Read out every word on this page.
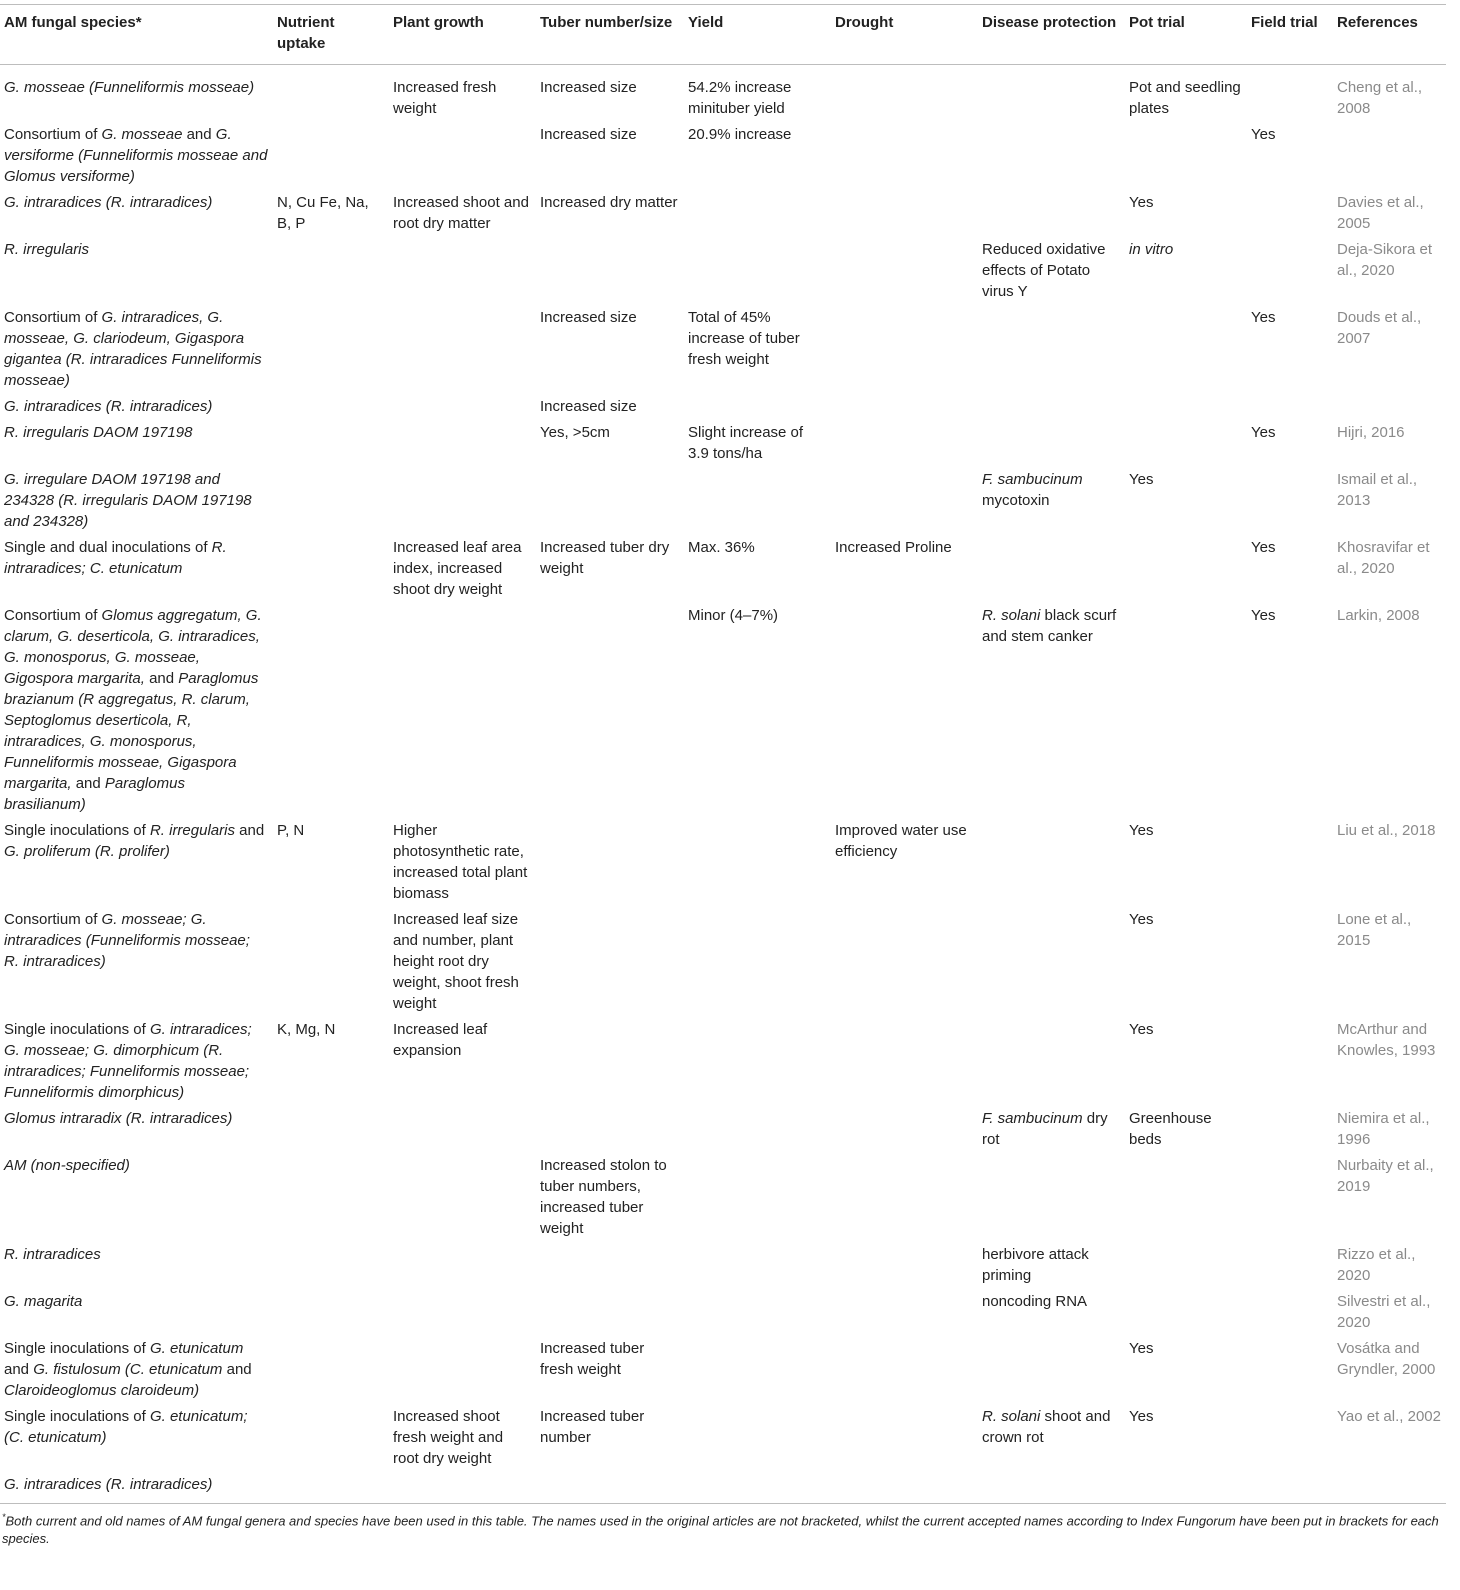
AM fungal species*	Nutrient uptake	Plant growth	Tuber number/size	Yield	Drought	Disease protection	Pot trial	Field trial	References
G. mosseae (Funneliformis mosseae)		Increased fresh weight	Increased size	54.2% increase minituber yield			Pot and seedling plates		Cheng et al., 2008
Consortium of G. mosseae and G. versiforme (Funneliformis mosseae and Glomus versiforme)			Increased size	20.9% increase				Yes	
G. intraradices (R. intraradices)	N, Cu Fe, Na, B, P	Increased shoot and root dry matter	Increased dry matter				Yes		Davies et al., 2005
R. irregularis						Reduced oxidative effects of Potato virus Y	in vitro		Deja-Sikora et al., 2020
Consortium of G. intraradices, G. mosseae, G. clariodeum, Gigaspora gigantea (R. intraradices Funneliformis mosseae)			Increased size	Total of 45% increase of tuber fresh weight				Yes	Douds et al., 2007
G. intraradices (R. intraradices)			Increased size						
R. irregularis DAOM 197198			Yes, >5cm	Slight increase of 3.9 tons/ha				Yes	Hijri, 2016
G. irregulare DAOM 197198 and 234328 (R. irregularis DAOM 197198 and 234328)						F. sambucinum mycotoxin	Yes		Ismail et al., 2013
Single and dual inoculations of R. intraradices; C. etunicatum		Increased leaf area index, increased shoot dry weight	Increased tuber dry weight	Max. 36%	Increased Proline			Yes	Khosravifar et al., 2020
Consortium of Glomus aggregatum, G. clarum, G. deserticola, G. intraradices, G. monosporus, G. mosseae, Gigospora margarita, and Paraglomus brazianum (R aggregatus, R. clarum, Septoglomus deserticola, R, intraradices, G. monosporus, Funneliformis mosseae, Gigaspora margarita, and Paraglomus brasilianum)				Minor (4–7%)		R. solani black scurf and stem canker		Yes	Larkin, 2008
Single inoculations of R. irregularis and G. proliferum (R. prolifer)	P, N	Higher photosynthetic rate, increased total plant biomass			Improved water use efficiency		Yes		Liu et al., 2018
Consortium of G. mosseae; G. intraradices (Funneliformis mosseae; R. intraradices)		Increased leaf size and number, plant height root dry weight, shoot fresh weight					Yes		Lone et al., 2015
Single inoculations of G. intraradices; G. mosseae; G. dimorphicum (R. intraradices; Funneliformis mosseae; Funneliformis dimorphicus)	K, Mg, N	Increased leaf expansion					Yes		McArthur and Knowles, 1993
Glomus intraradix (R. intraradices)						F. sambucinum dry rot	Greenhouse beds		Niemira et al., 1996
AM (non-specified)			Increased stolon to tuber numbers, increased tuber weight						Nurbaity et al., 2019
R. intraradices						herbivore attack priming			Rizzo et al., 2020
G. magarita						noncoding RNA			Silvestri et al., 2020
Single inoculations of G. etunicatum and G. fistulosum (C. etunicatum and Claroideoglomus claroideum)			Increased tuber fresh weight				Yes		Vosátka and Gryndler, 2000
Single inoculations of G. etunicatum; (C. etunicatum)		Increased shoot fresh weight and root dry weight	Increased tuber number			R. solani shoot and crown rot	Yes		Yao et al., 2002
G. intraradices (R. intraradices)									
*Both current and old names of AM fungal genera and species have been used in this table. The names used in the original articles are not bracketed, whilst the current accepted names according to Index Fungorum have been put in brackets for each species.									
